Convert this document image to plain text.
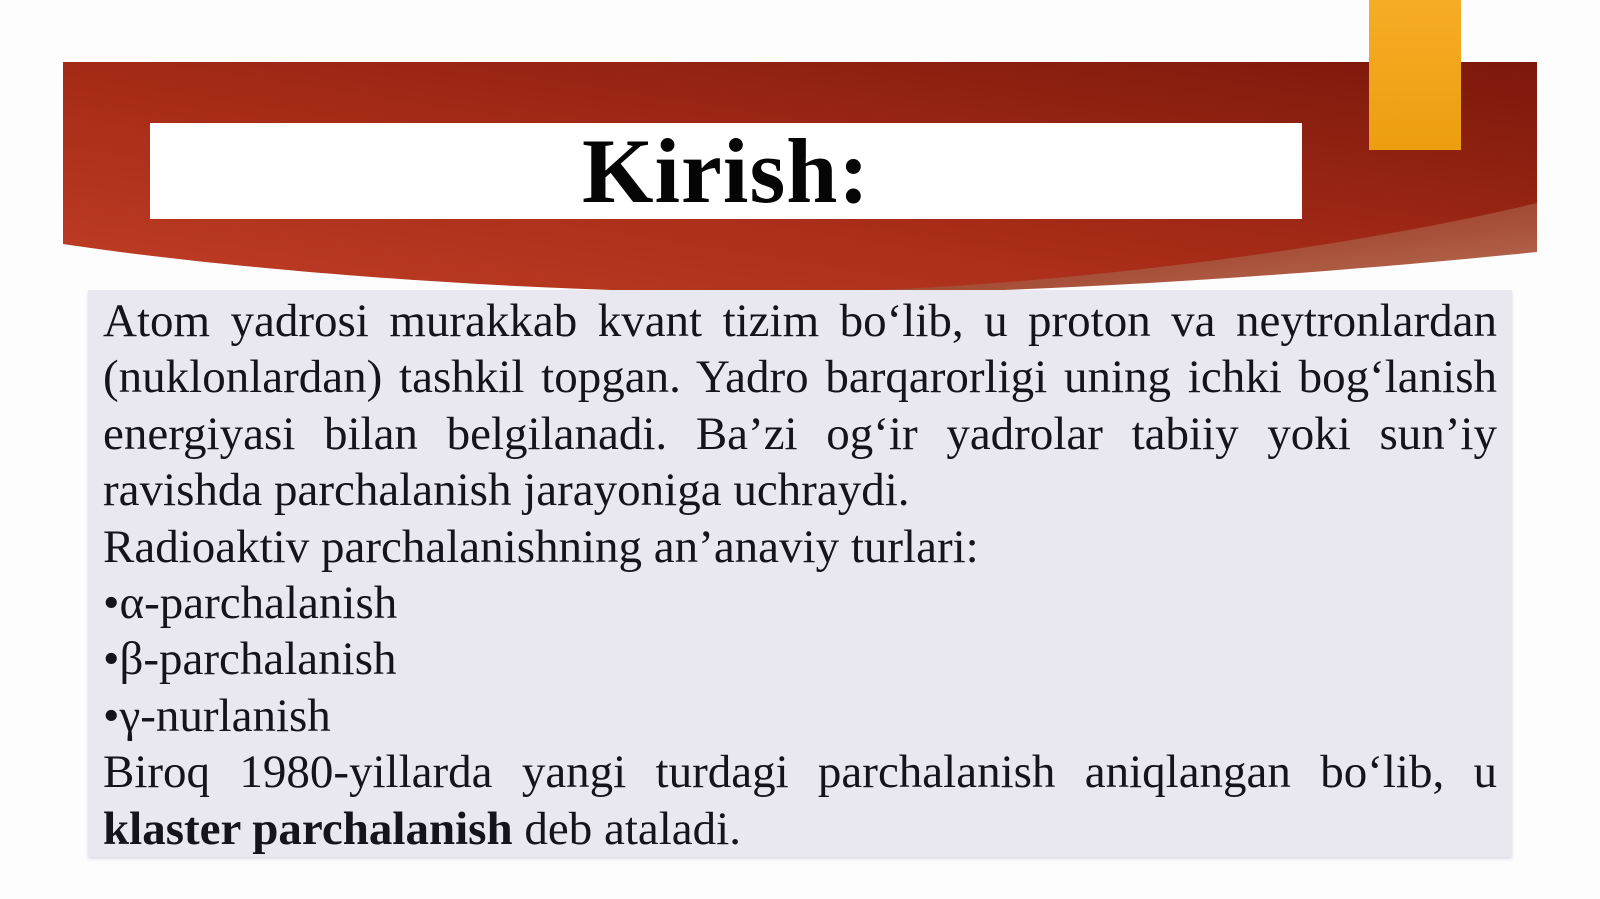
Kirish:
Atom yadrosi murakkab kvant tizim boʻlib, u proton va neytronlardan
(nuklonlardan) tashkil topgan. Yadro barqarorligi uning ichki bogʻlanish
energiyasi bilan belgilanadi. Ba’zi ogʻir yadrolar tabiiy yoki sun’iy
ravishda parchalanish jarayoniga uchraydi.
Radioaktiv parchalanishning an’anaviy turlari:
•α-parchalanish
•β-parchalanish
•γ-nurlanish
Biroq 1980-yillarda yangi turdagi parchalanish aniqlangan boʻlib, u
klaster parchalanish deb ataladi.
